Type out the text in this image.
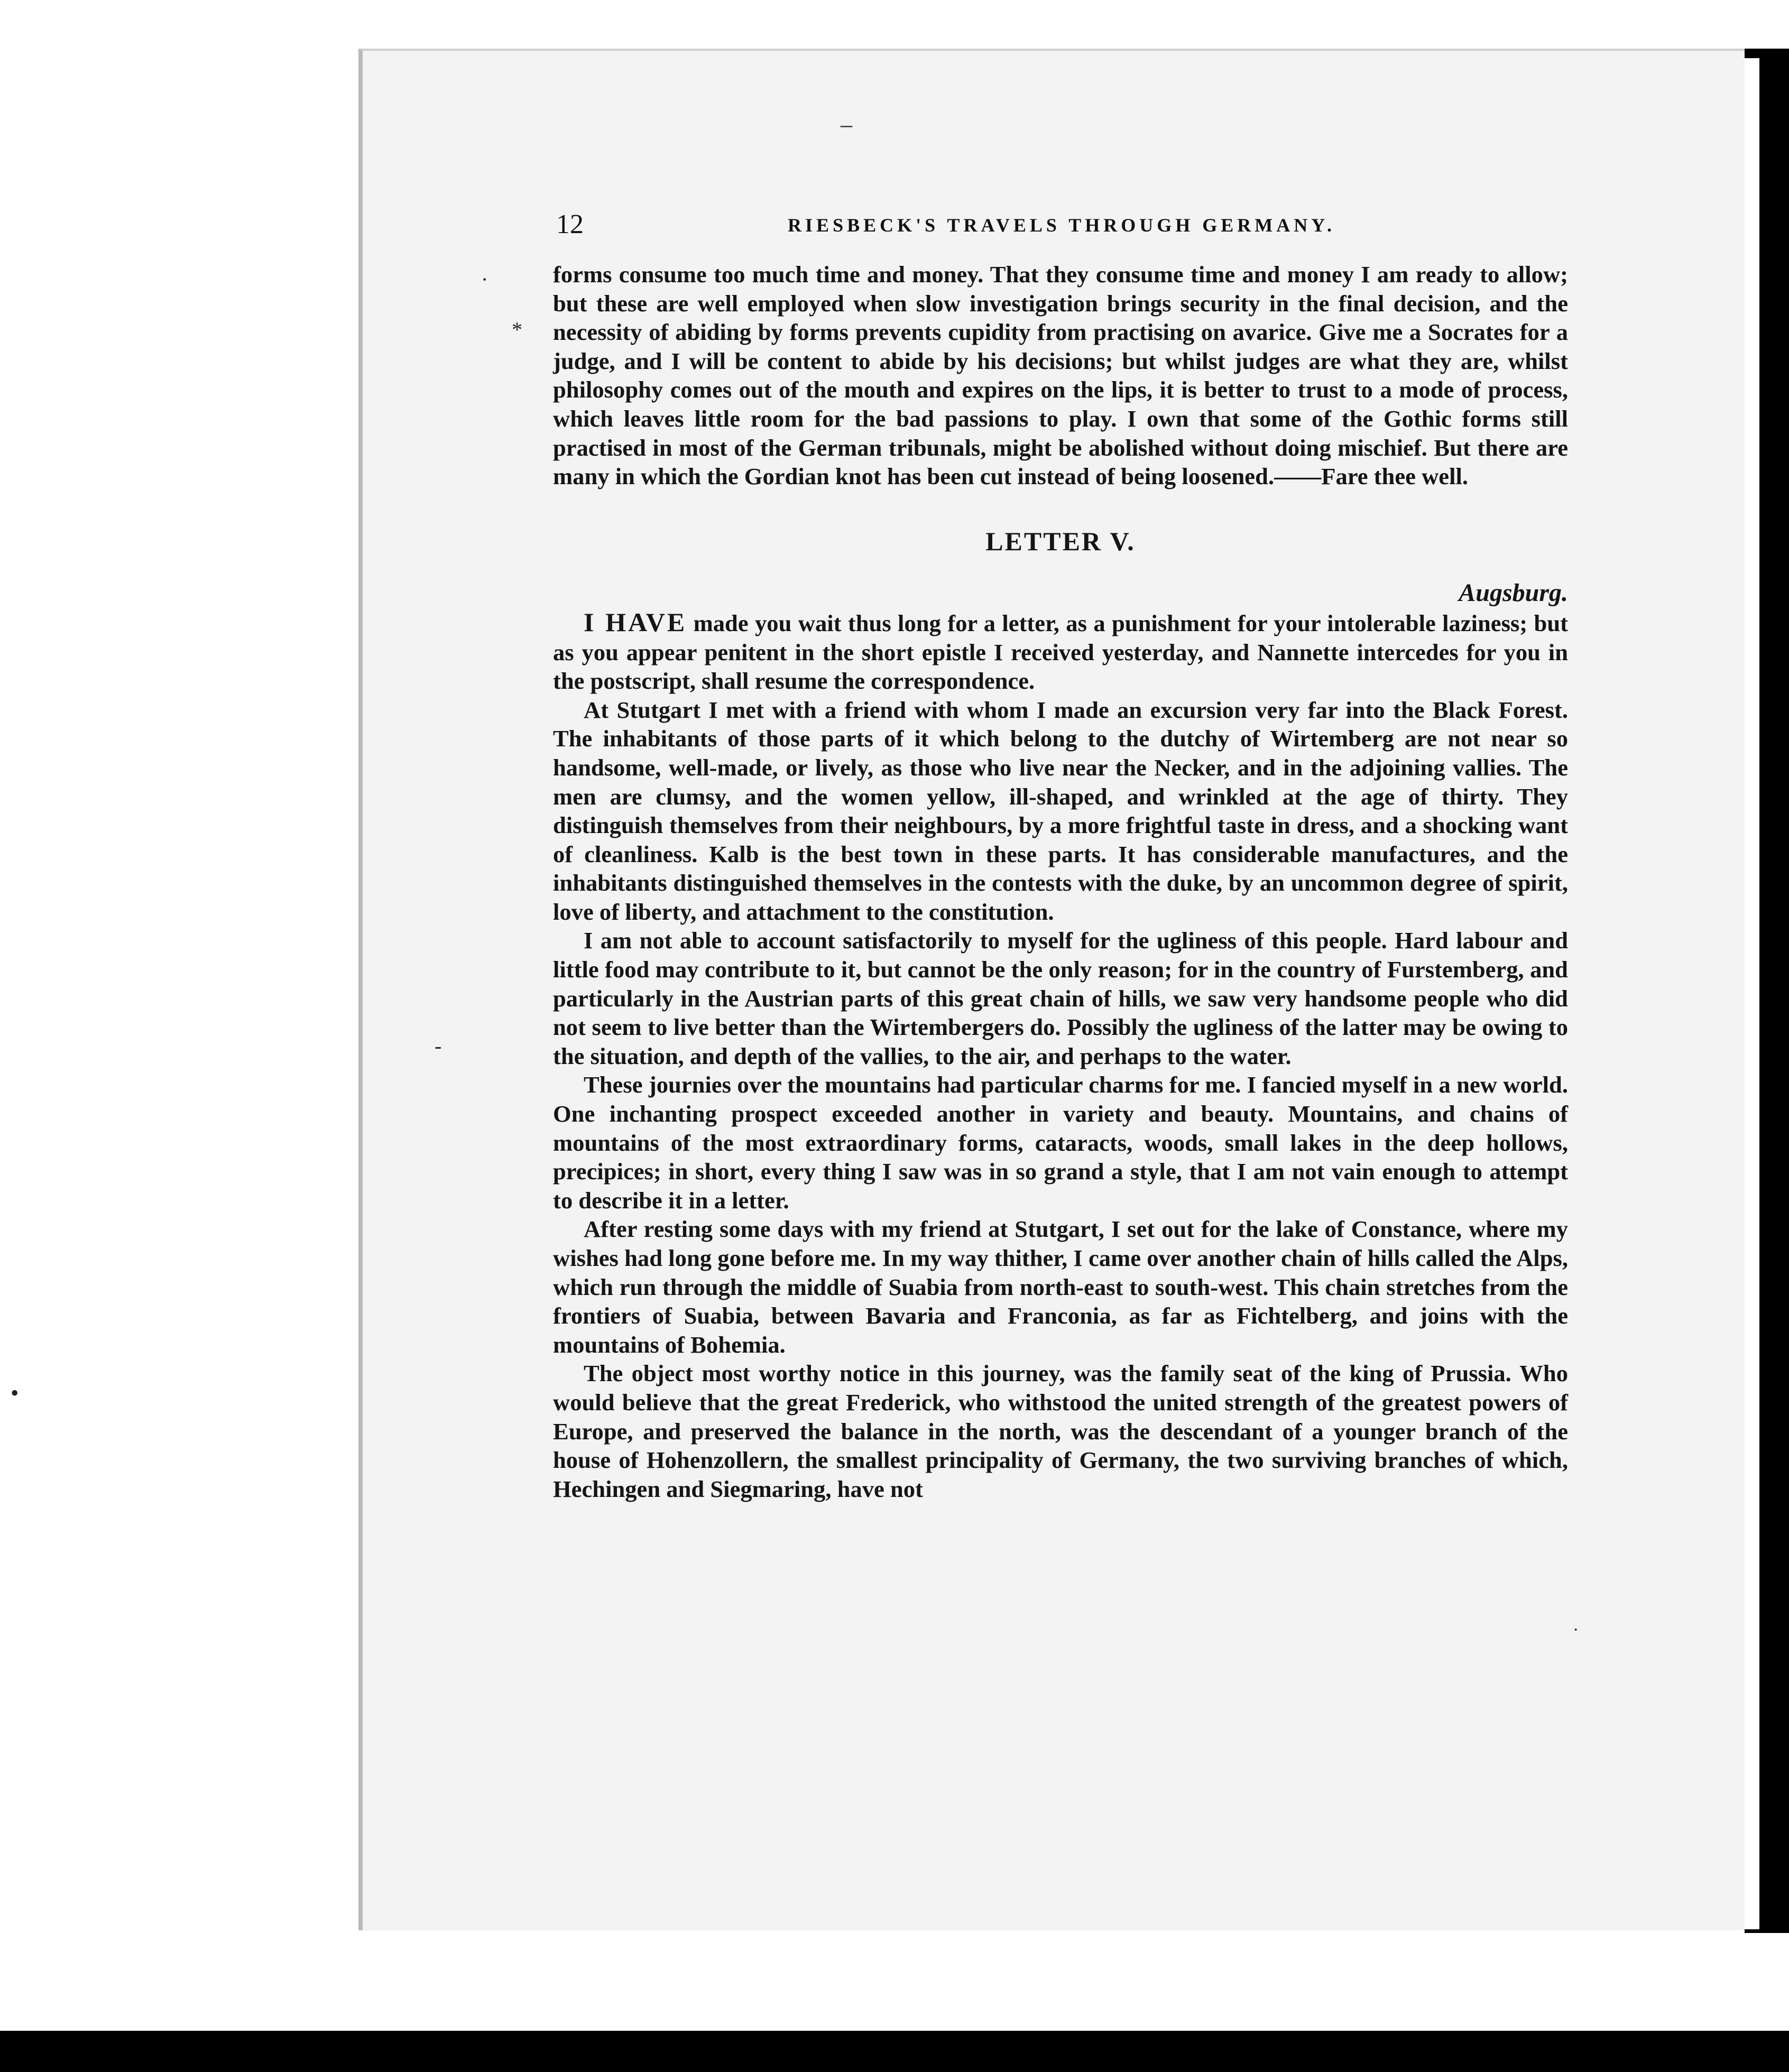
·
*
-
•
–
·
12	RIESBECK'S TRAVELS THROUGH GERMANY.

forms consume too much time and money. That they consume time and money I am ready to allow; but these are well employed when slow investigation brings security in the final decision, and the necessity of abiding by forms prevents cupidity from practising on avarice. Give me a Socrates for a judge, and I will be content to abide by his decisions; but whilst judges are what they are, whilst philosophy comes out of the mouth and expires on the lips, it is better to trust to a mode of process, which leaves little room for the bad passions to play. I own that some of the Gothic forms still practised in most of the German tribunals, might be abolished without doing mischief. But there are many in which the Gordian knot has been cut instead of being loosened.——Fare thee well.

LETTER V.

Augsburg.

I HAVE made you wait thus long for a letter, as a punishment for your intolerable laziness; but as you appear penitent in the short epistle I received yesterday, and Nannette intercedes for you in the postscript, shall resume the correspondence.

At Stutgart I met with a friend with whom I made an excursion very far into the Black Forest. The inhabitants of those parts of it which belong to the dutchy of Wirtemberg are not near so handsome, well-made, or lively, as those who live near the Necker, and in the adjoining vallies. The men are clumsy, and the women yellow, ill-shaped, and wrinkled at the age of thirty. They distinguish themselves from their neighbours, by a more frightful taste in dress, and a shocking want of cleanliness. Kalb is the best town in these parts. It has considerable manufactures, and the inhabitants distinguished themselves in the contests with the duke, by an uncommon degree of spirit, love of liberty, and attachment to the constitution.

I am not able to account satisfactorily to myself for the ugliness of this people. Hard labour and little food may contribute to it, but cannot be the only reason; for in the country of Furstemberg, and particularly in the Austrian parts of this great chain of hills, we saw very handsome people who did not seem to live better than the Wirtembergers do. Possibly the ugliness of the latter may be owing to the situation, and depth of the vallies, to the air, and perhaps to the water.

These journies over the mountains had particular charms for me. I fancied myself in a new world. One inchanting prospect exceeded another in variety and beauty. Mountains, and chains of mountains of the most extraordinary forms, cataracts, woods, small lakes in the deep hollows, precipices; in short, every thing I saw was in so grand a style, that I am not vain enough to attempt to describe it in a letter.

After resting some days with my friend at Stutgart, I set out for the lake of Constance, where my wishes had long gone before me. In my way thither, I came over another chain of hills called the Alps, which run through the middle of Suabia from north-east to south-west. This chain stretches from the frontiers of Suabia, between Bavaria and Franconia, as far as Fichtelberg, and joins with the mountains of Bohemia.

The object most worthy notice in this journey, was the family seat of the king of Prussia. Who would believe that the great Frederick, who withstood the united strength of the greatest powers of Europe, and preserved the balance in the north, was the descendant of a younger branch of the house of Hohenzollern, the smallest principality of Germany, the two surviving branches of which, Hechingen and Siegmaring, have not
